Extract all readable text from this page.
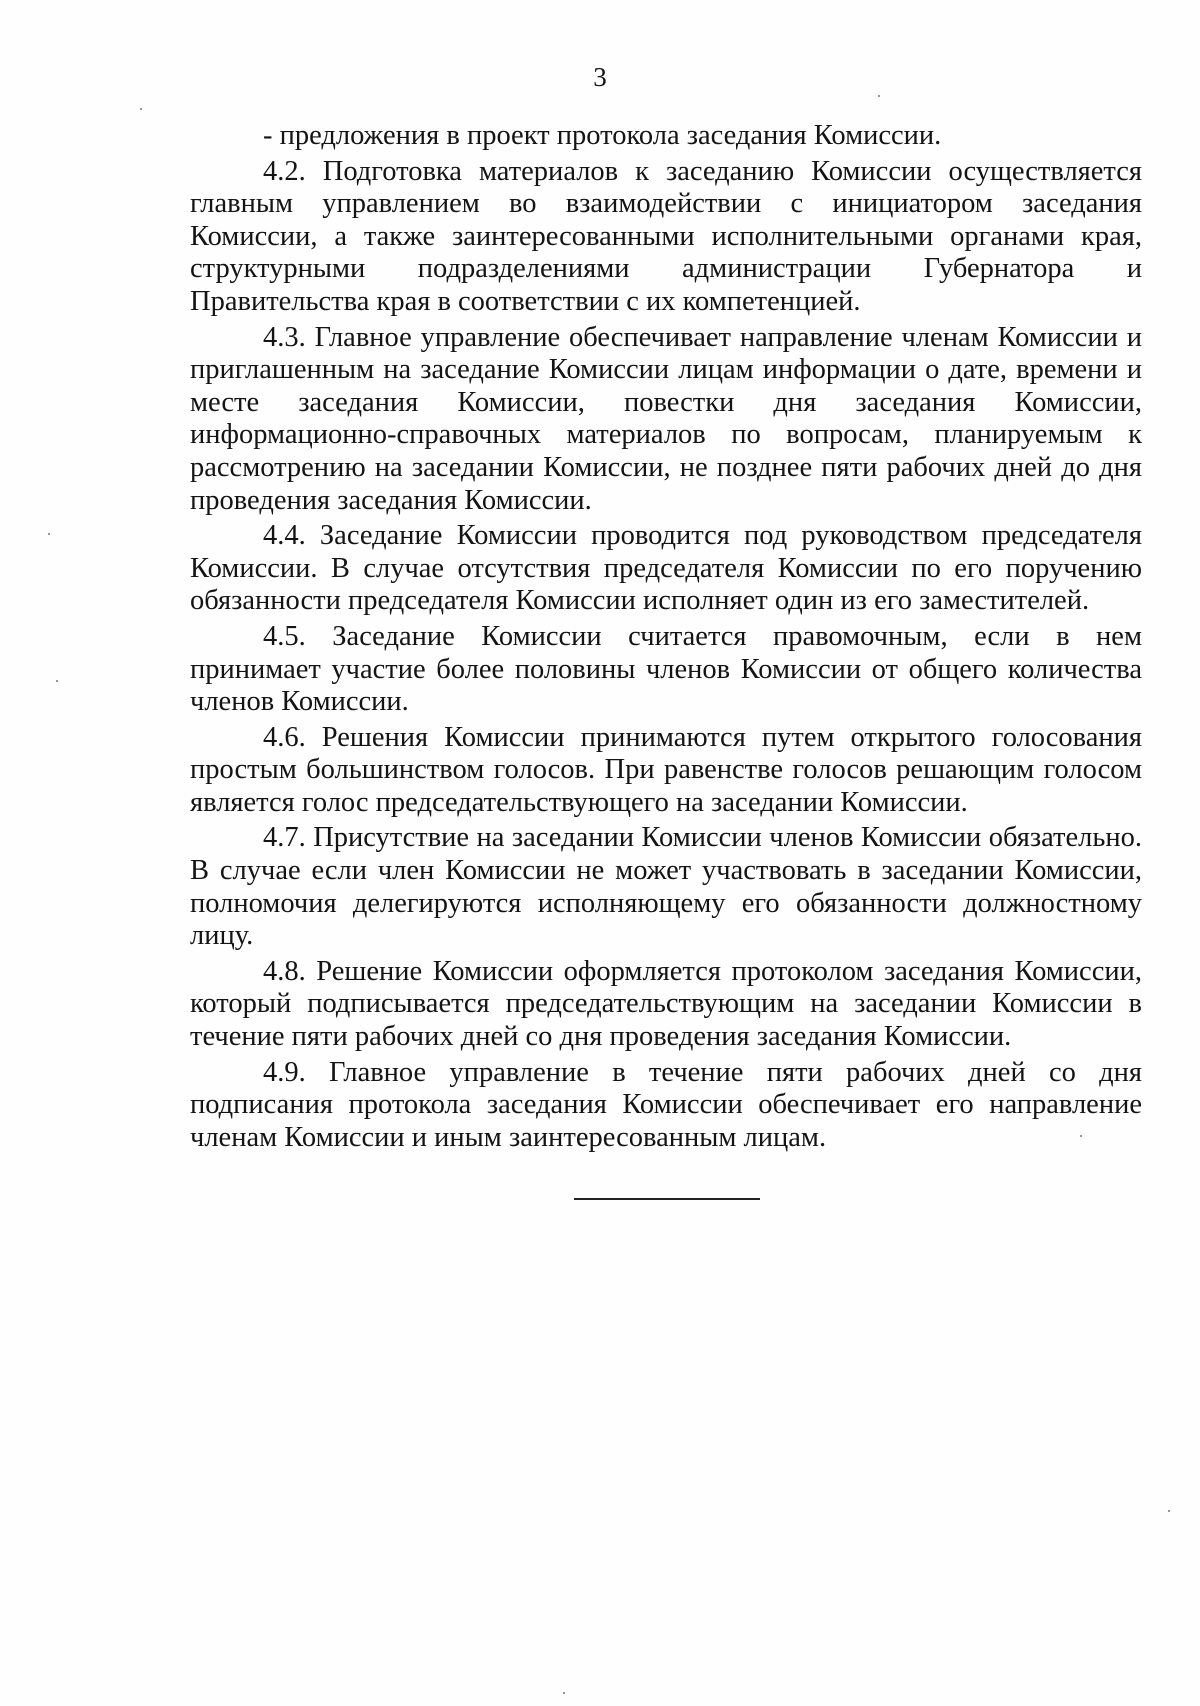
3

- предложения в проект протокола заседания Комиссии.

4.2. Подготовка материалов к заседанию Комиссии осуществляется главным управлением во взаимодействии с инициатором заседания Комиссии, а также заинтересованными исполнительными органами края, структурными подразделениями администрации Губернатора и Правительства края в соответствии с их компетенцией.

4.3. Главное управление обеспечивает направление членам Комиссии и приглашенным на заседание Комиссии лицам информации о дате, времени и месте заседания Комиссии, повестки дня заседания Комиссии, информационно-справочных материалов по вопросам, планируемым к рассмотрению на заседании Комиссии, не позднее пяти рабочих дней до дня проведения заседания Комиссии.

4.4. Заседание Комиссии проводится под руководством председателя Комиссии. В случае отсутствия председателя Комиссии по его поручению обязанности председателя Комиссии исполняет один из его заместителей.

4.5. Заседание Комиссии считается правомочным, если в нем принимает участие более половины членов Комиссии от общего количества членов Комиссии.

4.6. Решения Комиссии принимаются путем открытого голосования простым большинством голосов. При равенстве голосов решающим голосом является голос председательствующего на заседании Комиссии.

4.7. Присутствие на заседании Комиссии членов Комиссии обязательно. В случае если член Комиссии не может участвовать в заседании Комиссии, полномочия делегируются исполняющему его обязанности должностному лицу.

4.8. Решение Комиссии оформляется протоколом заседания Комиссии, который подписывается председательствующим на заседании Комиссии в течение пяти рабочих дней со дня проведения заседания Комиссии.

4.9. Главное управление в течение пяти рабочих дней со дня подписания протокола заседания Комиссии обеспечивает его направление членам Комиссии и иным заинтересованным лицам.
